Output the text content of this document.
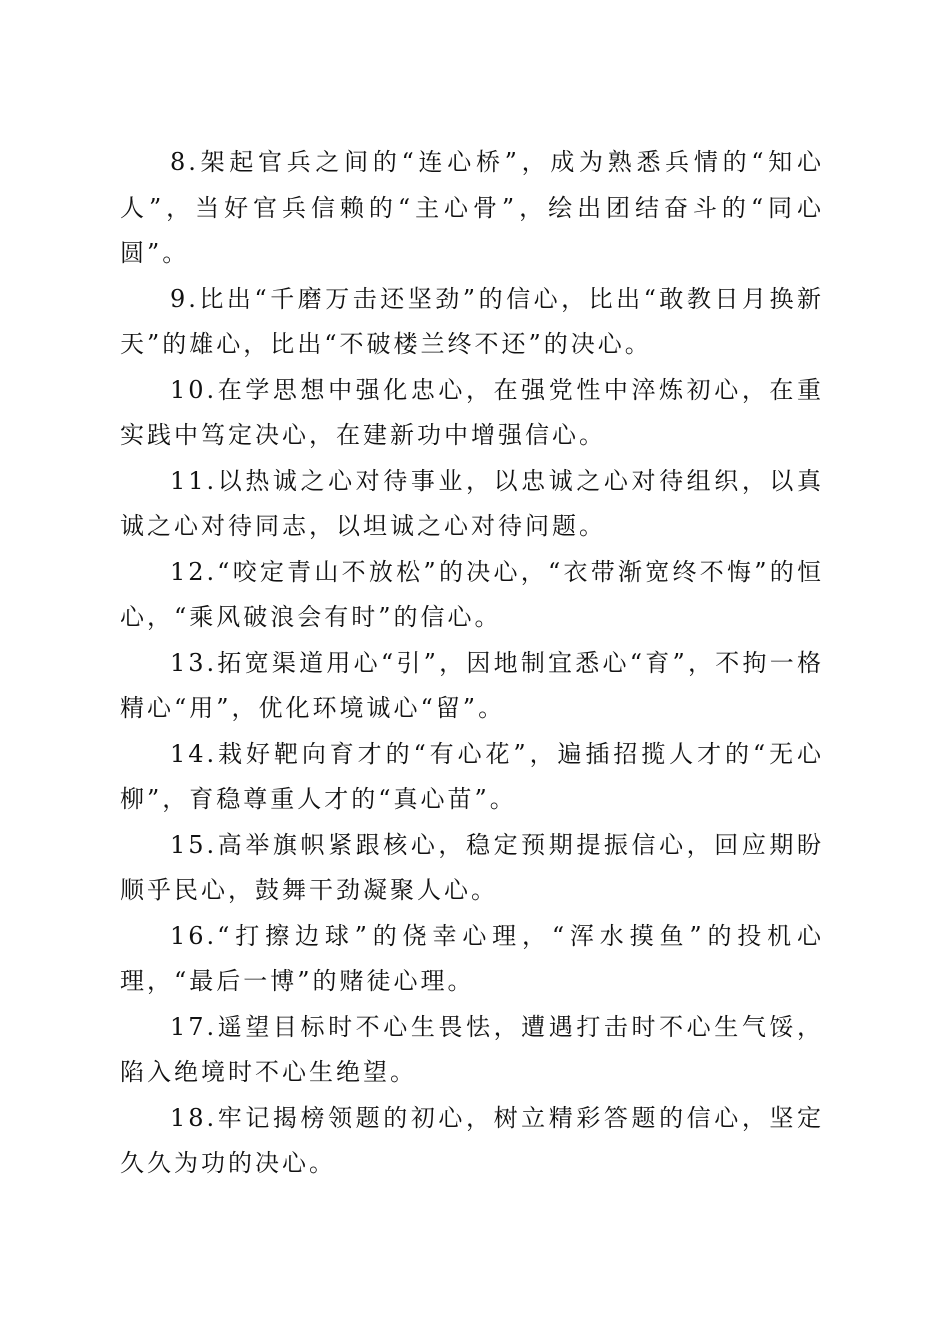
8.架起官兵之间的“连心桥”，成为熟悉兵情的“知心人”，当好官兵信赖的“主心骨”，绘出团结奋斗的“同心圆”。

9.比出“千磨万击还坚劲”的信心，比出“敢教日月换新天”的雄心，比出“不破楼兰终不还”的决心。

10.在学思想中强化忠心，在强党性中淬炼初心，在重实践中笃定决心，在建新功中增强信心。

11.以热诚之心对待事业，以忠诚之心对待组织，以真诚之心对待同志，以坦诚之心对待问题。

12.“咬定青山不放松”的决心，“衣带渐宽终不悔”的恒心，“乘风破浪会有时”的信心。

13.拓宽渠道用心“引”，因地制宜悉心“育”，不拘一格精心“用”，优化环境诚心“留”。

14.栽好靶向育才的“有心花”，遍插招揽人才的“无心柳”，育稳尊重人才的“真心苗”。

15.高举旗帜紧跟核心，稳定预期提振信心，回应期盼顺乎民心，鼓舞干劲凝聚人心。

16.“打擦边球”的侥幸心理，“浑水摸鱼”的投机心理，“最后一博”的赌徒心理。

17.遥望目标时不心生畏怯，遭遇打击时不心生气馁，陷入绝境时不心生绝望。

18.牢记揭榜领题的初心，树立精彩答题的信心，坚定久久为功的决心。
